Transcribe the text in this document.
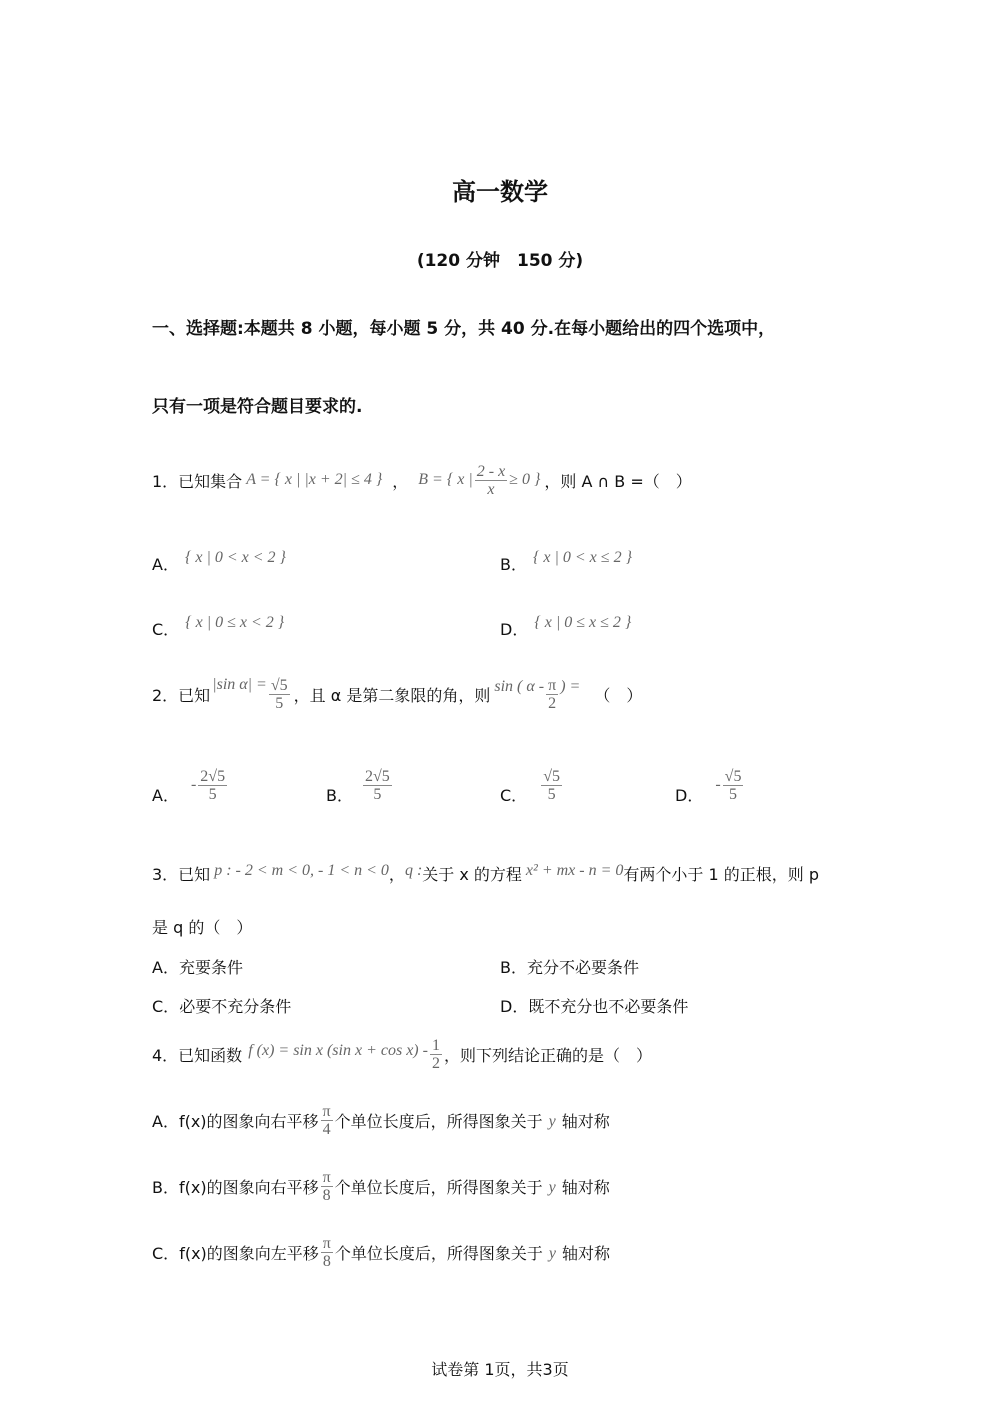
高一数学
(120 分钟　150 分)
一、选择题:本题共 8 小题，每小题 5 分，共 40 分.在每小题给出的四个选项中，
只有一项是符合题目要求的.
1．已知集合 A = { x | |x + 2| ≤ 4 } ， B = { x | $\frac{2 - x}{x} \ge 0$ } ，则 A ∩ B =（　）
A． { x | 0 < x < 2 }	B． { x | 0 < x ≤ 2 }
C． { x | 0 ≤ x < 2 }	D． { x | 0 ≤ x ≤ 2 }
2．已知
|sin $\alpha| = \frac{√5}{5}$ ，且 α 是第二象限的角，则 sin ( α - $\frac{\pi}{2}$ ) = （　）
A．
- $\frac{2√5}{5}$	B． $\frac{2√5}{5}$	C． $\frac{√5}{5}$	D．
- $\frac{√5}{5}$
3．已知 p : - 2 < m < 0, - 1 < n < 0 ， q : 关于 x 的方程 x² + mx - n = 0 有两个小于 1 的正根，则 p
是 q 的（　）
A．充要条件	B．充分不必要条件
C．必要不充分条件	D．既不充分也不必要条件
4．已知函数 f (x) = sin x (sin $x + \cos x) - \frac{1}{2}$ ，则下列结论正确的是（　）
A． f(x)的图象向右平移 $\frac{\pi}{4}$ 个单位长度后，所得图象关于 y 轴对称
B． f(x)的图象向右平移 $\frac{\pi}{8}$ 个单位长度后，所得图象关于 y 轴对称
C． f(x)的图象向左平移 $\frac{\pi}{8}$ 个单位长度后，所得图象关于 y 轴对称
试卷第 1页，共3页
